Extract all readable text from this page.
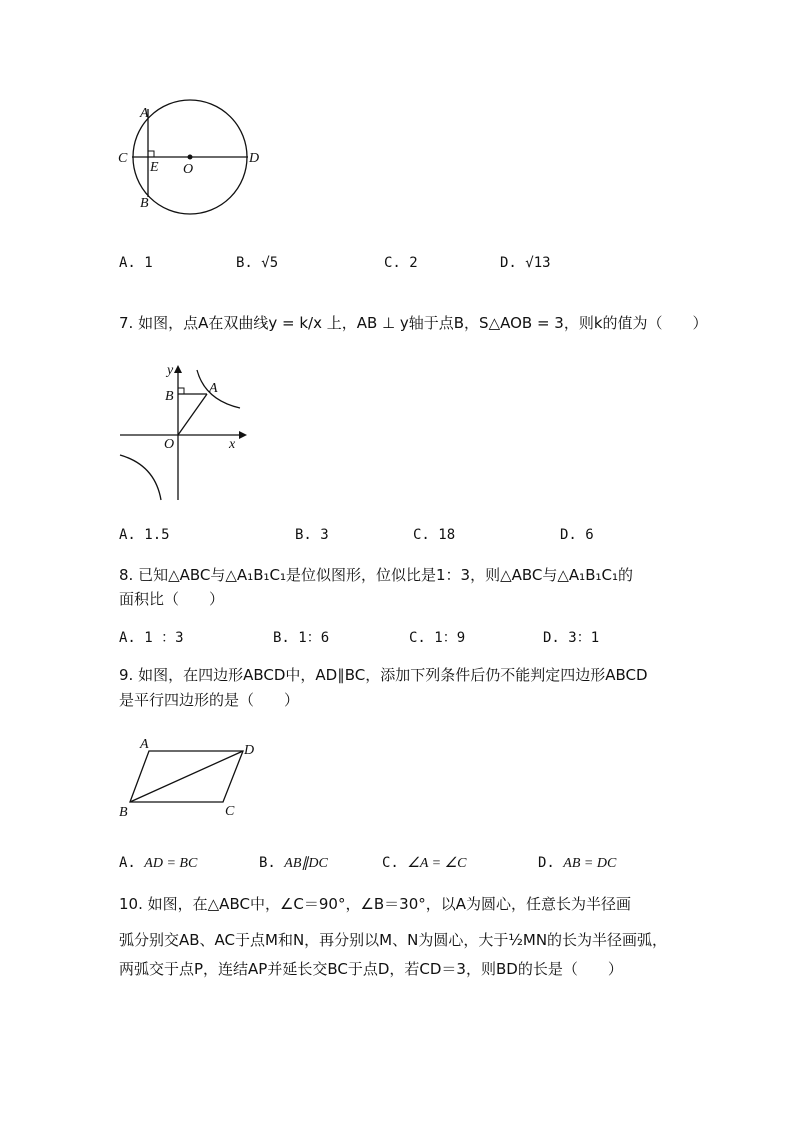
A
B
C	D
E O
A. 1	B. √5	C. 2	D. √13
7. 如图，点A在双曲线y = k/x 上，AB ⊥ y轴于点B，S△AOB = 3，则k的值为（　　）
y
x
A
B
O
A. 1.5	B. 3	C. 18	D. 6
8. 已知△ABC与△A₁B₁C₁是位似图形，位似比是1：3，则△ABC与△A₁B₁C₁的
面积比（　　）
A. 1 ：3	B. 1：6	C. 1：9	D. 3：1
9. 如图，在四边形ABCD中，AD∥BC，添加下列条件后仍不能判定四边形ABCD
是平行四边形的是（　　）
A	D
B	C
A. AD = BC	B. AB∥DC	C. ∠A = ∠C	D. AB = DC
10. 如图，在△ABC中，∠C＝90°，∠B＝30°，以A为圆心，任意长为半径画
弧分别交AB、AC于点M和N，再分别以M、N为圆心，大于½MN的长为半径画弧，
两弧交于点P，连结AP并延长交BC于点D，若CD＝3，则BD的长是（　　）
